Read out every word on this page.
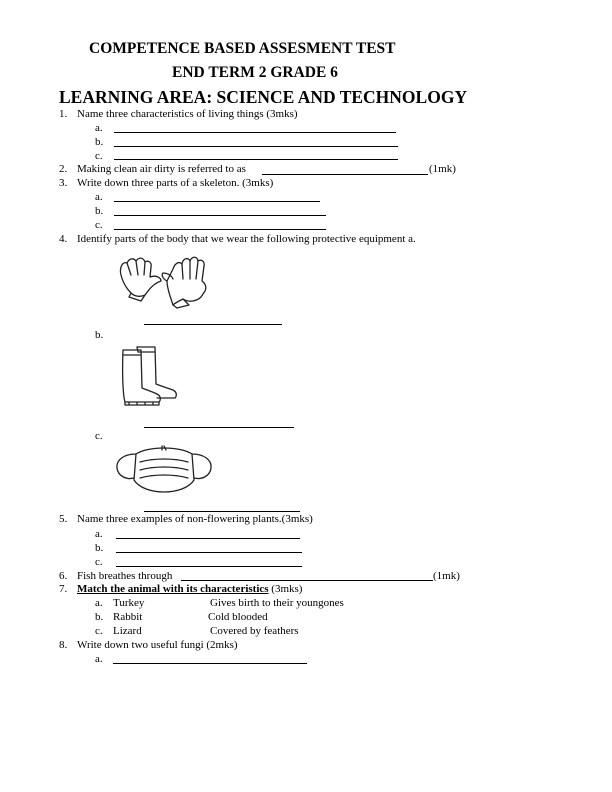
COMPETENCE BASED ASSESMENT TEST
END TERM 2 GRADE 6
LEARNING AREA: SCIENCE AND TECHNOLOGY
1. Name three characteristics of living things (3mks)
a.
b.
c.
2. Making clean air dirty is referred to as	(1mk)
3. Write down three parts of a skeleton. (3mks)
a.
b.
c.
4. Identify parts of the body that we wear the following protective equipment a.
b.
c.
5. Name three examples of non-flowering plants.(3mks)
a.
b.
c.
6. Fish breathes through	(1mk)
7. Match the animal with its characteristics (3mks)
a. Turkey	Gives birth to their youngones
b. Rabbit	Cold blooded
c. Lizard	Covered by feathers
8. Write down two useful fungi (2mks)
a.
